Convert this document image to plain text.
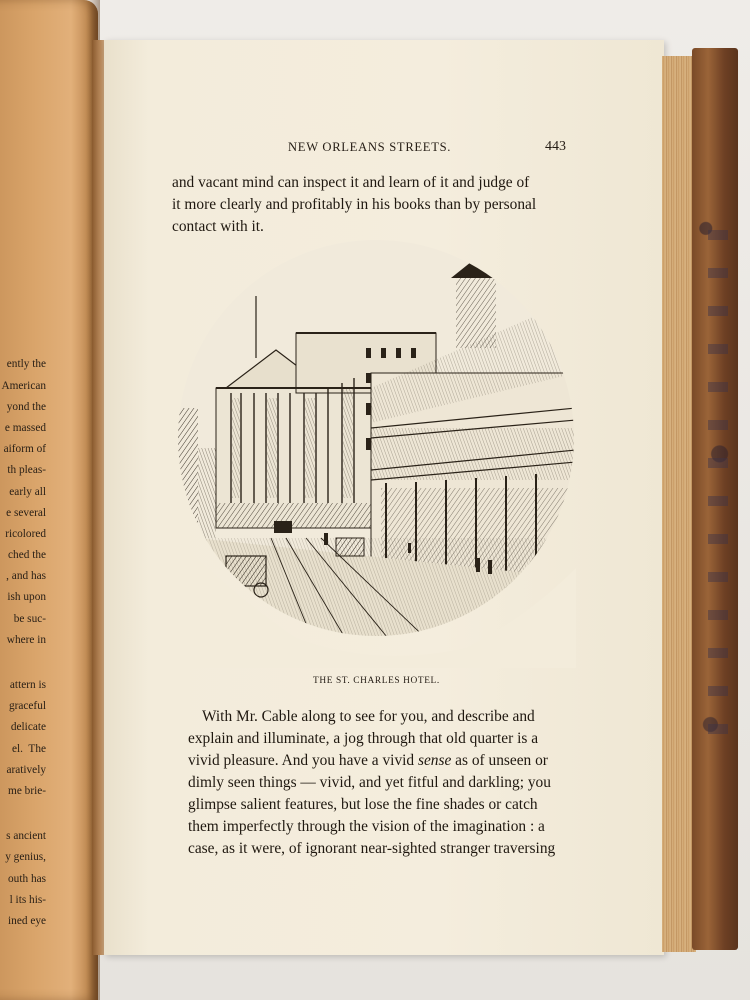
ently the
American
yond the
e massed
aiform of
th pleas-
early all
e several
ricolored
ched the
, and has
ish upon
be suc-
where in
attern is
graceful
delicate
el.  The
aratively
me brie-
s ancient
y genius,
outh has
l its his-
ined eye

NEW ORLEANS STREETS.	443
and vacant mind can inspect it and learn of it and judge of
it more clearly and profitably in his books than by personal
contact with it.
THE ST. CHARLES HOTEL.
With Mr. Cable along to see for you, and describe and
explain and illuminate, a jog through that old quarter is a
vivid pleasure. And you have a vivid sense as of unseen or
dimly seen things — vivid, and yet fitful and darkling; you
glimpse salient features, but lose the fine shades or catch
them imperfectly through the vision of the imagination : a
case, as it were, of ignorant near-sighted stranger traversing
